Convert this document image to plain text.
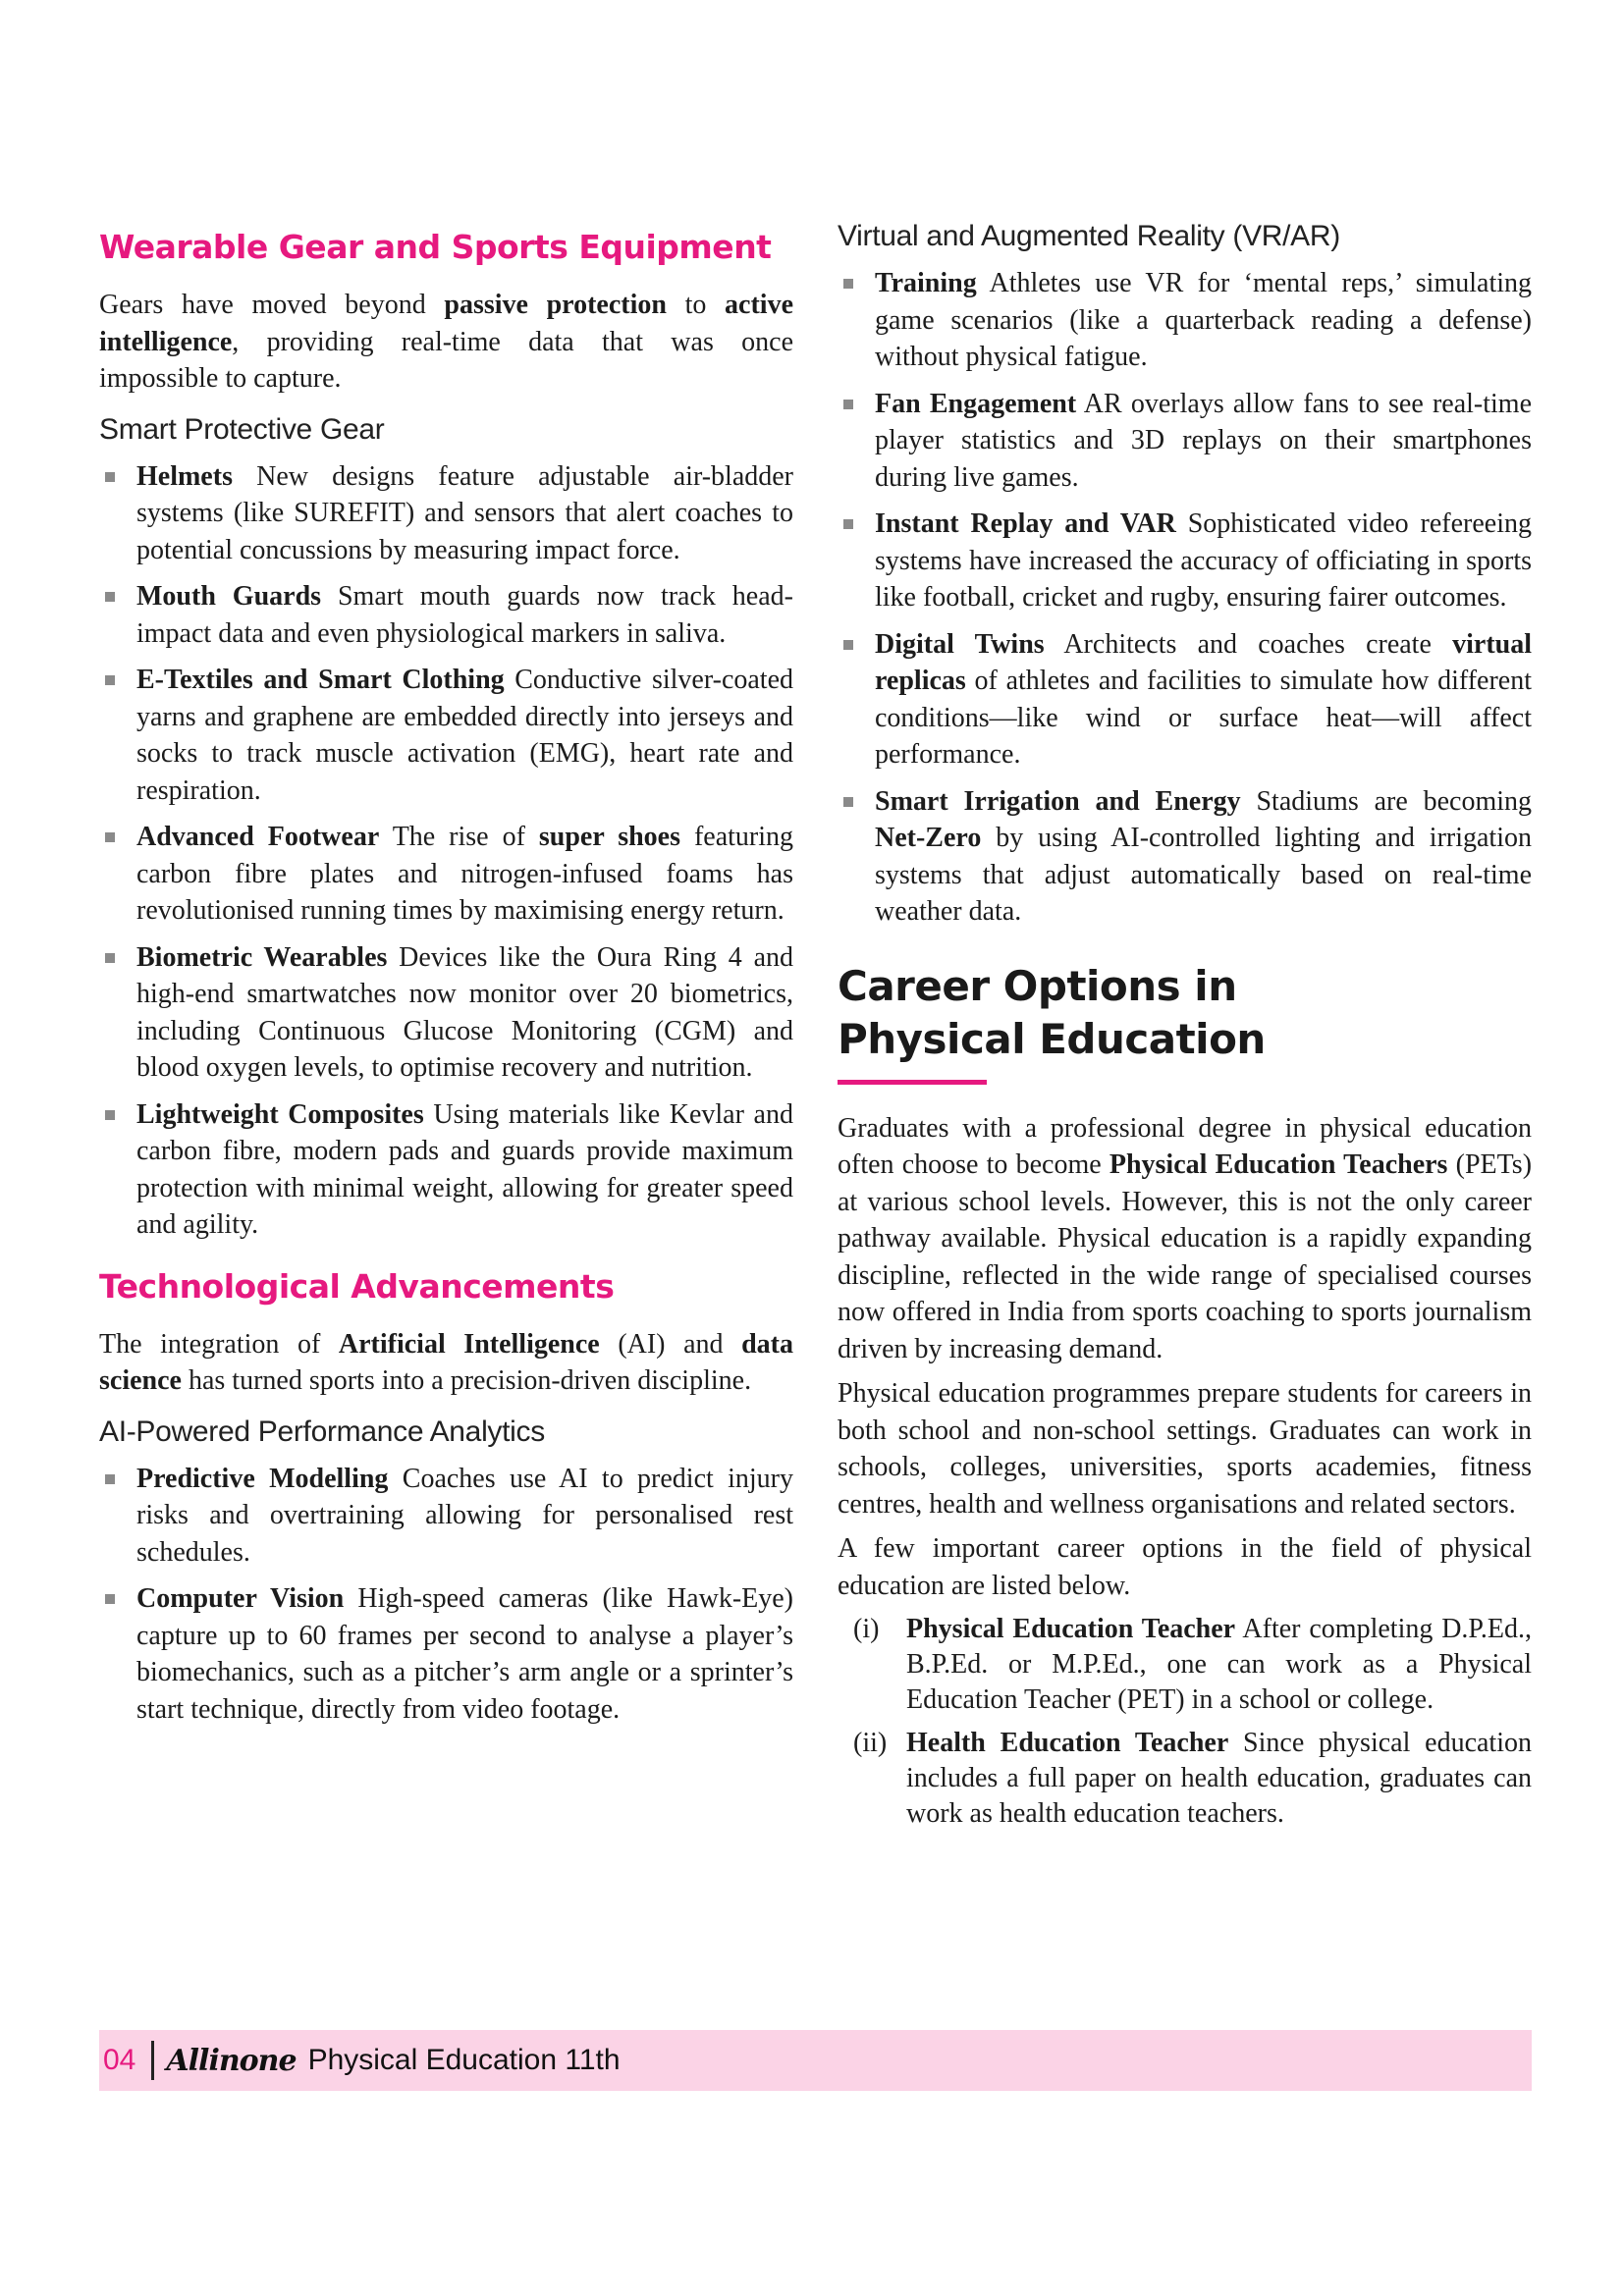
Wearable Gear and Sports Equipment

Gears have moved beyond passive protection to active intelligence, providing real-time data that was once impossible to capture.

Smart Protective Gear
Helmets New designs feature adjustable air-bladder systems (like SUREFIT) and sensors that alert coaches to potential concussions by measuring impact force.
Mouth Guards Smart mouth guards now track head-impact data and even physiological markers in saliva.
E-Textiles and Smart Clothing Conductive silver-coated yarns and graphene are embedded directly into jerseys and socks to track muscle activation (EMG), heart rate and respiration.
Advanced Footwear The rise of super shoes featuring carbon fibre plates and nitrogen-infused foams has revolutionised running times by maximising energy return.
Biometric Wearables Devices like the Oura Ring 4 and high-end smartwatches now monitor over 20 biometrics, including Continuous Glucose Monitoring (CGM) and blood oxygen levels, to optimise recovery and nutrition.
Lightweight Composites Using materials like Kevlar and carbon fibre, modern pads and guards provide maximum protection with minimal weight, allowing for greater speed and agility.
Technological Advancements

The integration of Artificial Intelligence (AI) and data science has turned sports into a precision-driven discipline.

AI-Powered Performance Analytics
Predictive Modelling Coaches use AI to predict injury risks and overtraining allowing for personalised rest schedules.
Computer Vision High-speed cameras (like Hawk-Eye) capture up to 60 frames per second to analyse a player’s biomechanics, such as a pitcher’s arm angle or a sprinter’s start technique, directly from video footage.
Virtual and Augmented Reality (VR/AR)
Training Athletes use VR for ‘mental reps,’ simulating game scenarios (like a quarterback reading a defense) without physical fatigue.
Fan Engagement AR overlays allow fans to see real-time player statistics and 3D replays on their smartphones during live games.
Instant Replay and VAR Sophisticated video refereeing systems have increased the accuracy of officiating in sports like football, cricket and rugby, ensuring fairer outcomes.
Digital Twins Architects and coaches create virtual replicas of athletes and facilities to simulate how different conditions—like wind or surface heat—will affect performance.
Smart Irrigation and Energy Stadiums are becoming Net-Zero by using AI-controlled lighting and irrigation systems that adjust automatically based on real-time weather data.
Career Options in
Physical Education

Graduates with a professional degree in physical education often choose to become Physical Education Teachers (PETs) at various school levels. However, this is not the only career pathway available. Physical education is a rapidly expanding discipline, reflected in the wide range of specialised courses now offered in India from sports coaching to sports journalism driven by increasing demand.

Physical education programmes prepare students for careers in both school and non-school settings. Graduates can work in schools, colleges, universities, sports academies, fitness centres, health and wellness organisations and related sectors.

A few important career options in the field of physical education are listed below.

(i) Physical Education Teacher After completing D.P.Ed., B.P.Ed. or M.P.Ed., one can work as a Physical Education Teacher (PET) in a school or college.
(ii) Health Education Teacher Since physical education includes a full paper on health education, graduates can work as health education teachers.
04 Allinone Physical Education 11th
